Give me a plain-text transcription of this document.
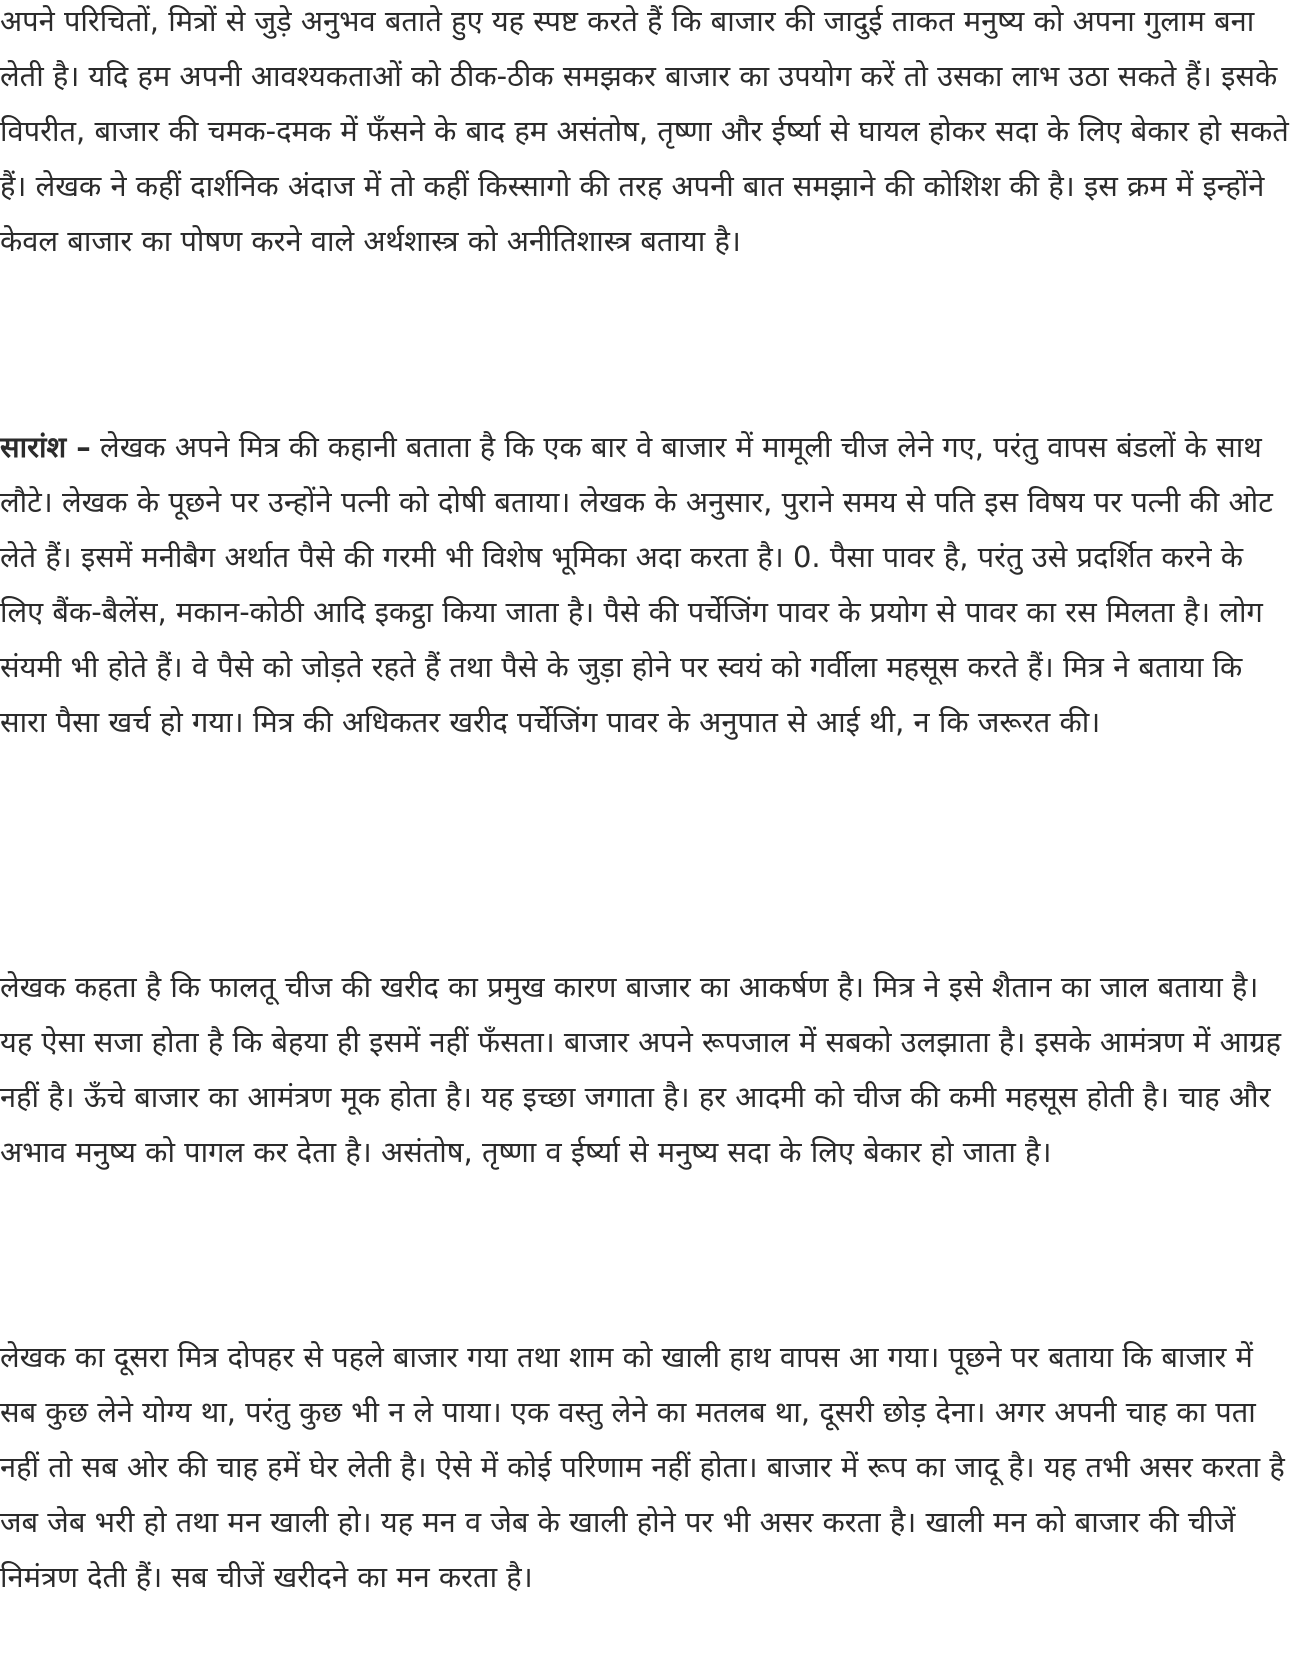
अपने परिचितों, मित्रों से जुड़े अनुभव बताते हुए यह स्पष्ट करते हैं कि बाजार की जादुई ताकत मनुष्य को अपना गुलाम बना लेती है। यदि हम अपनी आवश्यकताओं को ठीक-ठीक समझकर बाजार का उपयोग करें तो उसका लाभ उठा सकते हैं। इसके विपरीत, बाजार की चमक-दमक में फँसने के बाद हम असंतोष, तृष्णा और ईर्ष्या से घायल होकर सदा के लिए बेकार हो सकते हैं। लेखक ने कहीं दार्शनिक अंदाज में तो कहीं किस्सागो की तरह अपनी बात समझाने की कोशिश की है। इस क्रम में इन्होंने केवल बाजार का पोषण करने वाले अर्थशास्त्र को अनीतिशास्त्र बताया है।

सारांश – लेखक अपने मित्र की कहानी बताता है कि एक बार वे बाजार में मामूली चीज लेने गए, परंतु वापस बंडलों के साथ लौटे। लेखक के पूछने पर उन्होंने पत्नी को दोषी बताया। लेखक के अनुसार, पुराने समय से पति इस विषय पर पत्नी की ओट लेते हैं। इसमें मनीबैग अर्थात पैसे की गरमी भी विशेष भूमिका अदा करता है। 0. पैसा पावर है, परंतु उसे प्रदर्शित करने के लिए बैंक-बैलेंस, मकान-कोठी आदि इकट्ठा किया जाता है। पैसे की पर्चेजिंग पावर के प्रयोग से पावर का रस मिलता है। लोग संयमी भी होते हैं। वे पैसे को जोड़ते रहते हैं तथा पैसे के जुड़ा होने पर स्वयं को गर्वीला महसूस करते हैं। मित्र ने बताया कि सारा पैसा खर्च हो गया। मित्र की अधिकतर खरीद पर्चेजिंग पावर के अनुपात से आई थी, न कि जरूरत की।

लेखक कहता है कि फालतू चीज की खरीद का प्रमुख कारण बाजार का आकर्षण है। मित्र ने इसे शैतान का जाल बताया है। यह ऐसा सजा होता है कि बेहया ही इसमें नहीं फँसता। बाजार अपने रूपजाल में सबको उलझाता है। इसके आमंत्रण में आग्रह नहीं है। ऊँचे बाजार का आमंत्रण मूक होता है। यह इच्छा जगाता है। हर आदमी को चीज की कमी महसूस होती है। चाह और अभाव मनुष्य को पागल कर देता है। असंतोष, तृष्णा व ईर्ष्या से मनुष्य सदा के लिए बेकार हो जाता है।

लेखक का दूसरा मित्र दोपहर से पहले बाजार गया तथा शाम को खाली हाथ वापस आ गया। पूछने पर बताया कि बाजार में सब कुछ लेने योग्य था, परंतु कुछ भी न ले पाया। एक वस्तु लेने का मतलब था, दूसरी छोड़ देना। अगर अपनी चाह का पता नहीं तो सब ओर की चाह हमें घेर लेती है। ऐसे में कोई परिणाम नहीं होता। बाजार में रूप का जादू है। यह तभी असर करता है जब जेब भरी हो तथा मन खाली हो। यह मन व जेब के खाली होने पर भी असर करता है। खाली मन को बाजार की चीजें निमंत्रण देती हैं। सब चीजें खरीदने का मन करता है।
